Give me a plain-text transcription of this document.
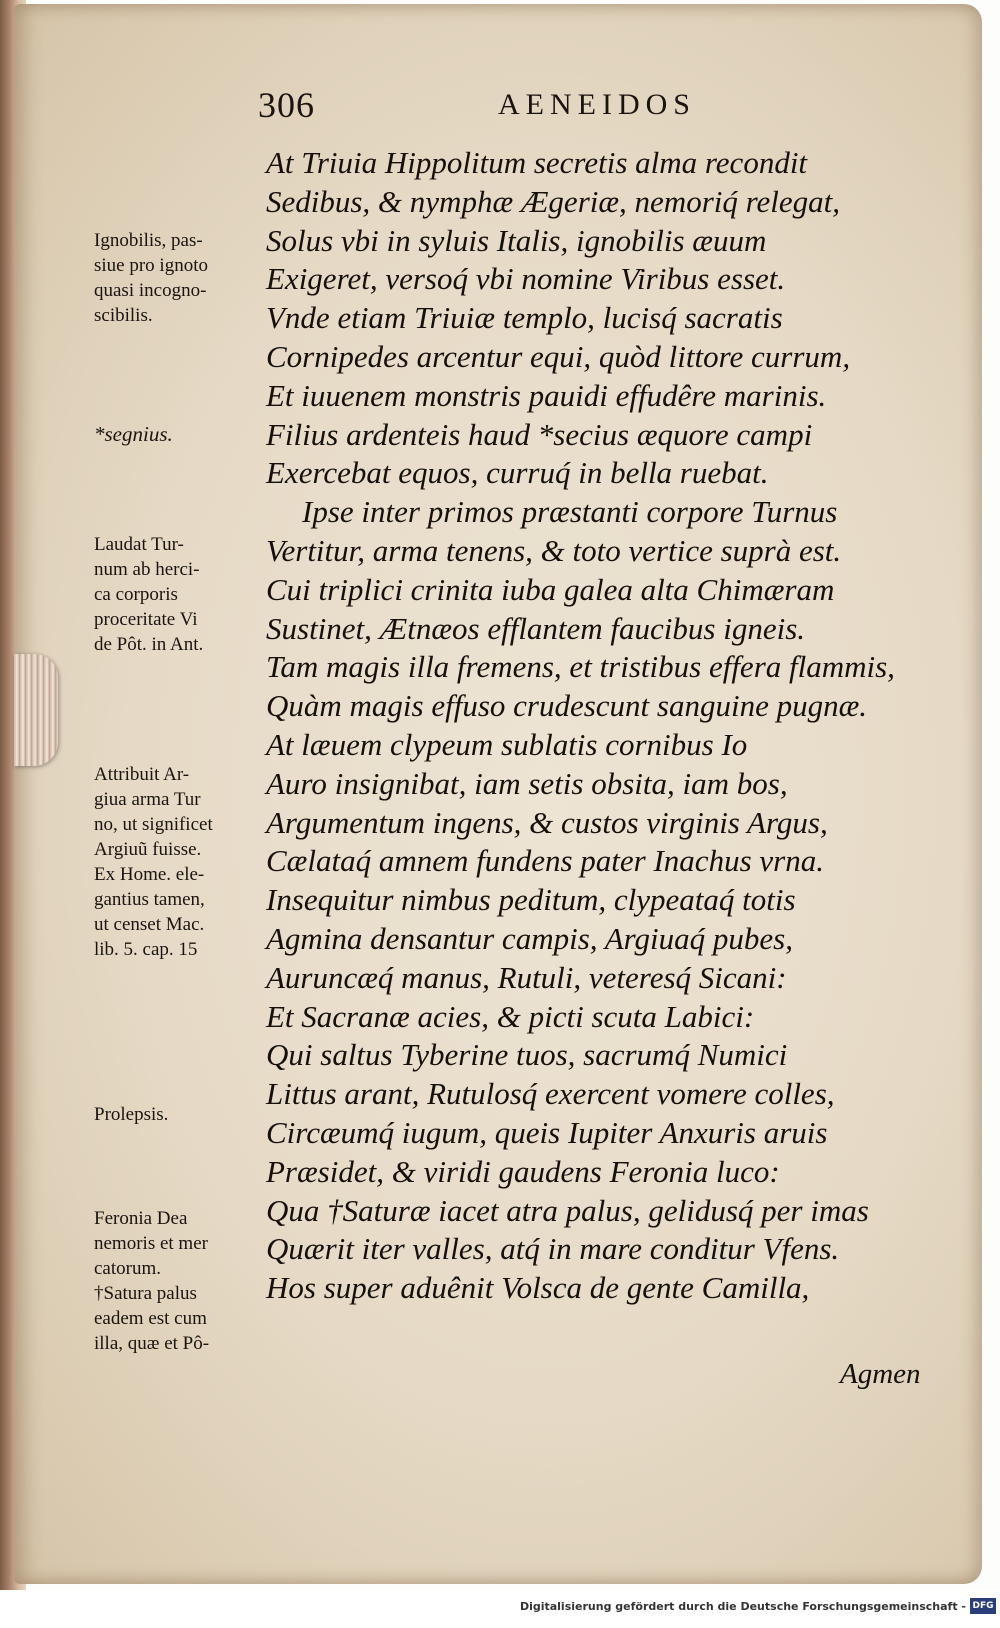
306	AENEIDOS
At Triuia Hippolitum secretis alma recondit
Sedibus, & nymphæ Ægeriæ, nemoriq́ relegat,
Solus vbi in syluis Italis, ignobilis æuum
Exigeret, versoq́ vbi nomine Viribus esset.
Vnde etiam Triuiæ templo, lucisq́ sacratis
Cornipedes arcentur equi, quòd littore currum,
Et iuuenem monstris pauidi effudêre marinis.
Filius ardenteis haud *secius æquore campi
Exercebat equos, curruq́ in bella ruebat.
Ipse inter primos præstanti corpore Turnus
Vertitur, arma tenens, & toto vertice suprà est.
Cui triplici crinita iuba galea alta Chimæram
Sustinet, Ætnæos efflantem faucibus igneis.
Tam magis illa fremens, et tristibus effera flammis,
Quàm magis effuso crudescunt sanguine pugnæ.
At læuem clypeum sublatis cornibus Io
Auro insignibat, iam setis obsita, iam bos,
Argumentum ingens, & custos virginis Argus,
Cælataq́ amnem fundens pater Inachus vrna.
Insequitur nimbus peditum, clypeataq́ totis
Agmina densantur campis, Argiuaq́ pubes,
Auruncæq́ manus, Rutuli, veteresq́ Sicani:
Et Sacranæ acies, & picti scuta Labici:
Qui saltus Tyberine tuos, sacrumq́ Numici
Littus arant, Rutulosq́ exercent vomere colles,
Circæumq́ iugum, queis Iupiter Anxuris aruis
Præsidet, & viridi gaudens Feronia luco:
Qua †Saturæ iacet atra palus, gelidusq́ per imas
Quærit iter valles, atq́ in mare conditur Vfens.
Hos super aduênit Volsca de gente Camilla,
Agmen
Ignobilis, pas-
siue pro ignoto
quasi incogno-
scibilis.
*segnius.
Laudat Tur-
num ab herci-
ca corporis
proceritate Vi
de Pôt. in Ant.
Attribuit Ar-
giua arma Tur
no, ut significet
Argiuũ fuisse.
Ex Home. ele-
gantius tamen,
ut censet Mac.
lib. 5. cap. 15
Prolepsis.
Feronia Dea
nemoris et mer
catorum.
†Satura palus
eadem est cum
illa, quæ et Pô-
Digitalisierung gefördert durch die Deutsche Forschungsgemeinschaft - DFG
